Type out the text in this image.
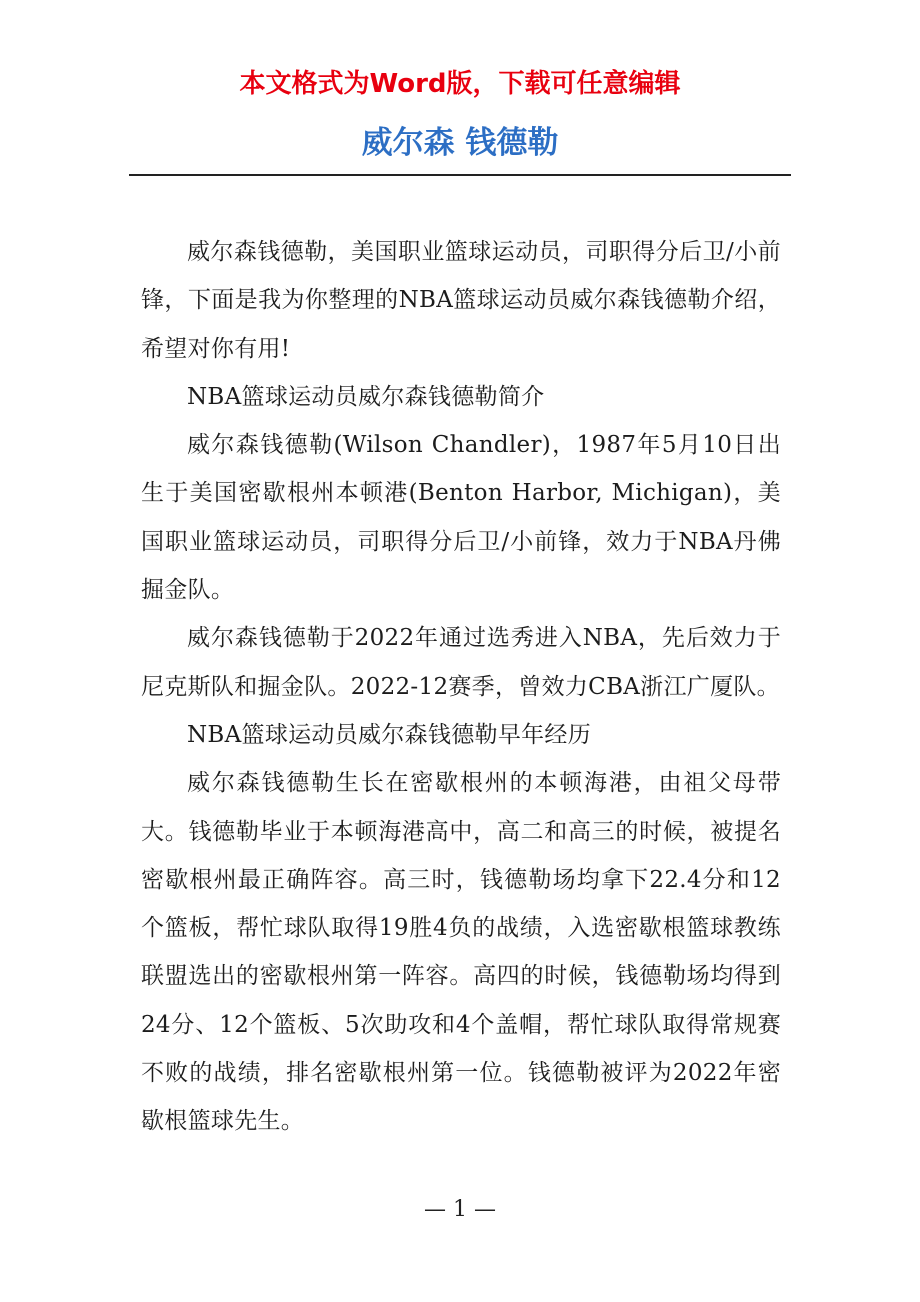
本文格式为Word版，下载可任意编辑
威尔森 钱德勒

威尔森钱德勒，美国职业篮球运动员，司职得分后卫/小前锋，下面是我为你整理的NBA篮球运动员威尔森钱德勒介绍，希望对你有用!

NBA篮球运动员威尔森钱德勒简介

威尔森钱德勒(Wilson Chandler)，1987年5月10日出生于美国密歇根州本顿港(Benton Harbor, Michigan)，美国职业篮球运动员，司职得分后卫/小前锋，效力于NBA丹佛掘金队。

威尔森钱德勒于2022年通过选秀进入NBA，先后效力于尼克斯队和掘金队。2022-12赛季，曾效力CBA浙江广厦队。

NBA篮球运动员威尔森钱德勒早年经历

威尔森钱德勒生长在密歇根州的本顿海港，由祖父母带大。钱德勒毕业于本顿海港高中，高二和高三的时候，被提名密歇根州最正确阵容。高三时，钱德勒场均拿下22.4分和12个篮板，帮忙球队取得19胜4负的战绩，入选密歇根篮球教练联盟选出的密歇根州第一阵容。高四的时候，钱德勒场均得到24分、12个篮板、5次助攻和4个盖帽，帮忙球队取得常规赛不败的战绩，排名密歇根州第一位。钱德勒被评为2022年密歇根篮球先生。

— 1 —
